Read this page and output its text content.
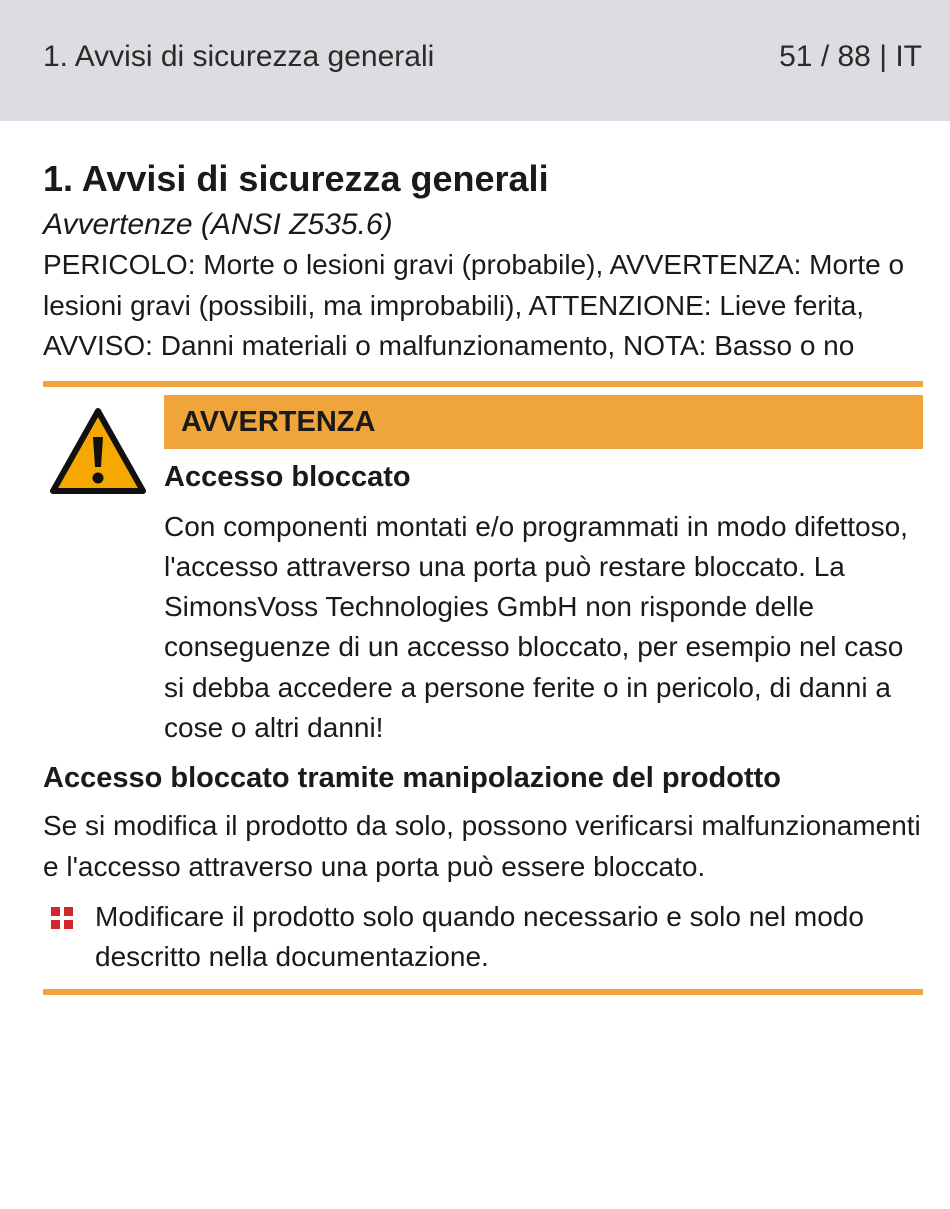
1. Avvisi di sicurezza generali	51 / 88 | IT
1. Avvisi di sicurezza generali
Avvertenze (ANSI Z535.6)

PERICOLO: Morte o lesioni gravi (probabile), AVVERTENZA: Morte o lesioni gravi (possibili, ma improbabili), ATTENZIONE: Lieve ferita, AVVISO: Danni materiali o malfunzionamento, NOTA: Basso o no

AVVERTENZA
Accesso bloccato
Con componenti montati e/o programmati in modo difettoso, l'accesso attraverso una porta può restare bloccato. La SimonsVoss Technologies GmbH non risponde delle conseguenze di un accesso bloccato, per esempio nel caso si debba accedere a persone ferite o in pericolo, di danni a cose o altri danni!
Accesso bloccato tramite manipolazione del prodotto
Se si modifica il prodotto da solo, possono verificarsi malfunzionamenti e l'accesso attraverso una porta può essere bloccato.
Modificare il prodotto solo quando necessario e solo nel modo descritto nella documentazione.
